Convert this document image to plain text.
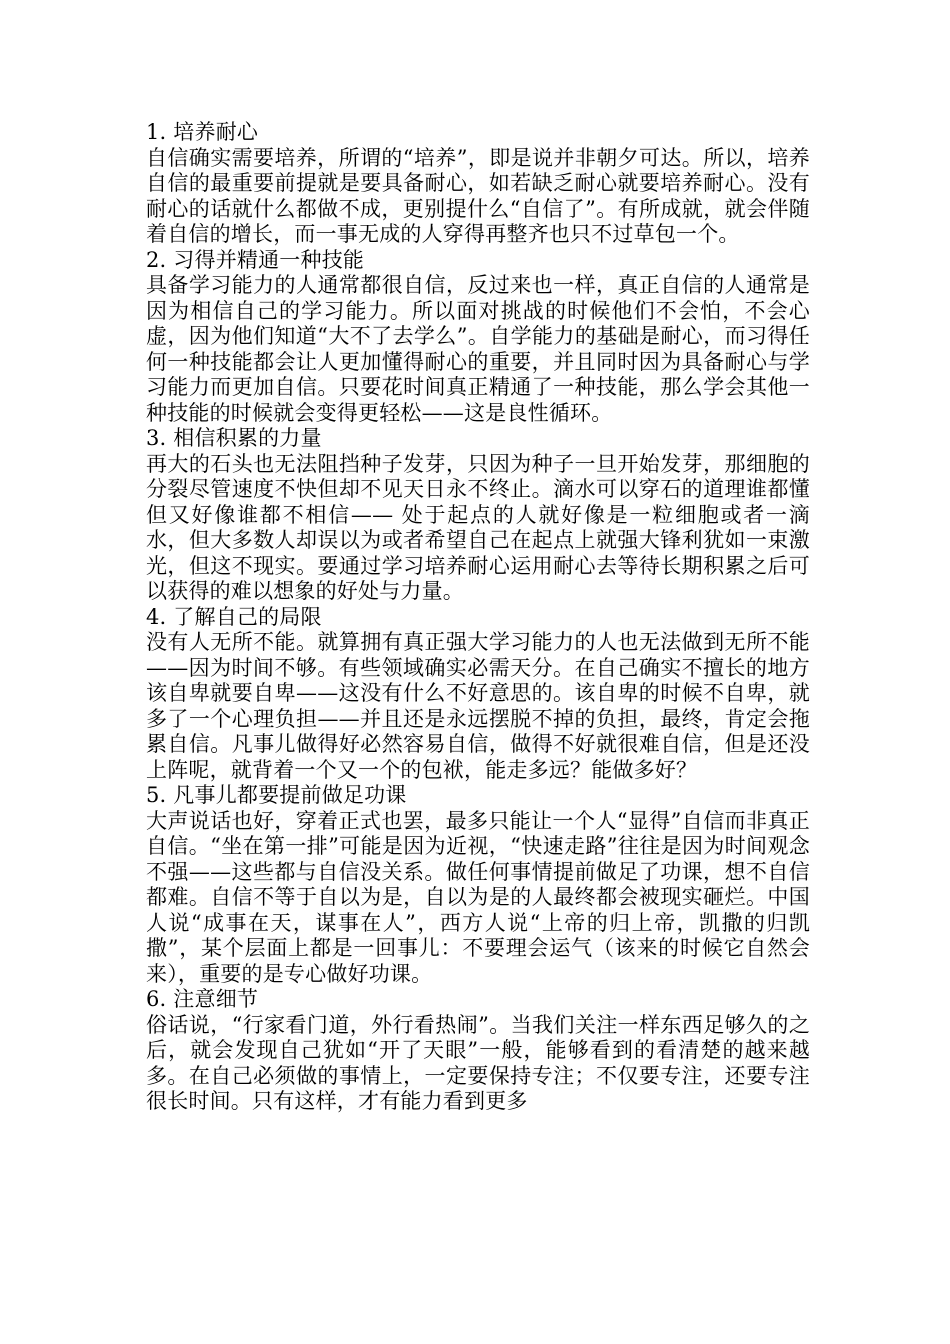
1. 培养耐心

自信确实需要培养，所谓的“培养”，即是说并非朝夕可达。所以，培养自信的最重要前提就是要具备耐心，如若缺乏耐心就要培养耐心。没有耐心的话就什么都做不成，更别提什么“自信了”。有所成就，就会伴随着自信的增长，而一事无成的人穿得再整齐也只不过草包一个。

2. 习得并精通一种技能

具备学习能力的人通常都很自信，反过来也一样，真正自信的人通常是因为相信自己的学习能力。所以面对挑战的时候他们不会怕，不会心虚，因为他们知道“大不了去学么”。自学能力的基础是耐心，而习得任何一种技能都会让人更加懂得耐心的重要，并且同时因为具备耐心与学习能力而更加自信。只要花时间真正精通了一种技能，那么学会其他一种技能的时候就会变得更轻松——这是良性循环。

3. 相信积累的力量

再大的石头也无法阻挡种子发芽，只因为种子一旦开始发芽，那细胞的分裂尽管速度不快但却不见天日永不终止。滴水可以穿石的道理谁都懂但又好像谁都不相信—— 处于起点的人就好像是一粒细胞或者一滴水，但大多数人却误以为或者希望自己在起点上就强大锋利犹如一束激光，但这不现实。要通过学习培养耐心运用耐心去等待长期积累之后可以获得的难以想象的好处与力量。

4. 了解自己的局限

没有人无所不能。就算拥有真正强大学习能力的人也无法做到无所不能——因为时间不够。有些领域确实必需天分。在自己确实不擅长的地方该自卑就要自卑——这没有什么不好意思的。该自卑的时候不自卑，就多了一个心理负担——并且还是永远摆脱不掉的负担，最终，肯定会拖累自信。凡事儿做得好必然容易自信，做得不好就很难自信，但是还没上阵呢，就背着一个又一个的包袱，能走多远？能做多好？

5. 凡事儿都要提前做足功课

大声说话也好，穿着正式也罢，最多只能让一个人“显得”自信而非真正自信。“坐在第一排”可能是因为近视，“快速走路”往往是因为时间观念不强——这些都与自信没关系。做任何事情提前做足了功课，想不自信都难。自信不等于自以为是，自以为是的人最终都会被现实砸烂。中国人说“成事在天，谋事在人”，西方人说“上帝的归上帝，凯撒的归凯撒”，某个层面上都是一回事儿：不要理会运气（该来的时候它自然会来），重要的是专心做好功课。

6. 注意细节

俗话说，“行家看门道，外行看热闹”。当我们关注一样东西足够久的之后，就会发现自己犹如“开了天眼”一般，能够看到的看清楚的越来越多。在自己必须做的事情上，一定要保持专注；不仅要专注，还要专注很长时间。只有这样，才有能力看到更多
